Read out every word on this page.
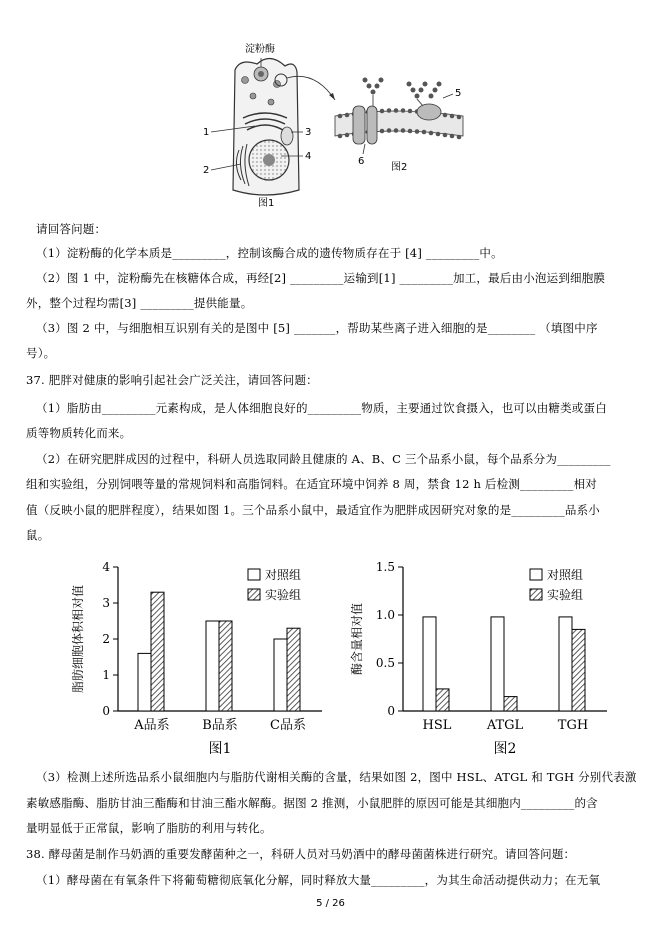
淀粉酶
1
2
3
4
图1
5
6
图2
请回答问题：
（1）淀粉酶的化学本质是_________，控制该酶合成的遗传物质存在于 [4] _________中。
（2）图 1 中，淀粉酶先在核糖体合成，再经[2] _________运输到[1] _________加工，最后由小泡运到细胞膜
外，整个过程均需[3] _________提供能量。
（3）图 2 中，与细胞相互识别有关的是图中 [5] _______，帮助某些离子进入细胞的是________ （填图中序
号）。
37. 肥胖对健康的影响引起社会广泛关注，请回答问题：
（1）脂肪由_________元素构成，是人体细胞良好的_________物质，主要通过饮食摄入，也可以由糖类或蛋白
质等物质转化而来。
（2）在研究肥胖成因的过程中，科研人员选取同龄且健康的 A、B、C 三个品系小鼠，每个品系分为_________
组和实验组，分别饲喂等量的常规饲料和高脂饲料。在适宜环境中饲养 8 周，禁食 12 h 后检测_________相对
值（反映小鼠的肥胖程度），结果如图 1。三个品系小鼠中，最适宜作为肥胖成因研究对象的是_________品系小
鼠。
0
1
2
3
4
脂肪细胞体积相对值
A品系	B品系 C品系
对照组
实验组
图1
0
0.5
1.0
1.5
酶含量相对值
HSL	ATGL	TGH
对照组
实验组
图2
（3）检测上述所选品系小鼠细胞内与脂肪代谢相关酶的含量，结果如图 2，图中 HSL、ATGL 和 TGH 分别代表激
素敏感脂酶、脂肪甘油三酯酶和甘油三酯水解酶。据图 2 推测，小鼠肥胖的原因可能是其细胞内_________的含
量明显低于正常鼠，影响了脂肪的利用与转化。
38. 酵母菌是制作马奶酒的重要发酵菌种之一，科研人员对马奶酒中的酵母菌菌株进行研究。请回答问题：
（1）酵母菌在有氧条件下将葡萄糖彻底氧化分解，同时释放大量_________，为其生命活动提供动力；在无氧
5 / 26
